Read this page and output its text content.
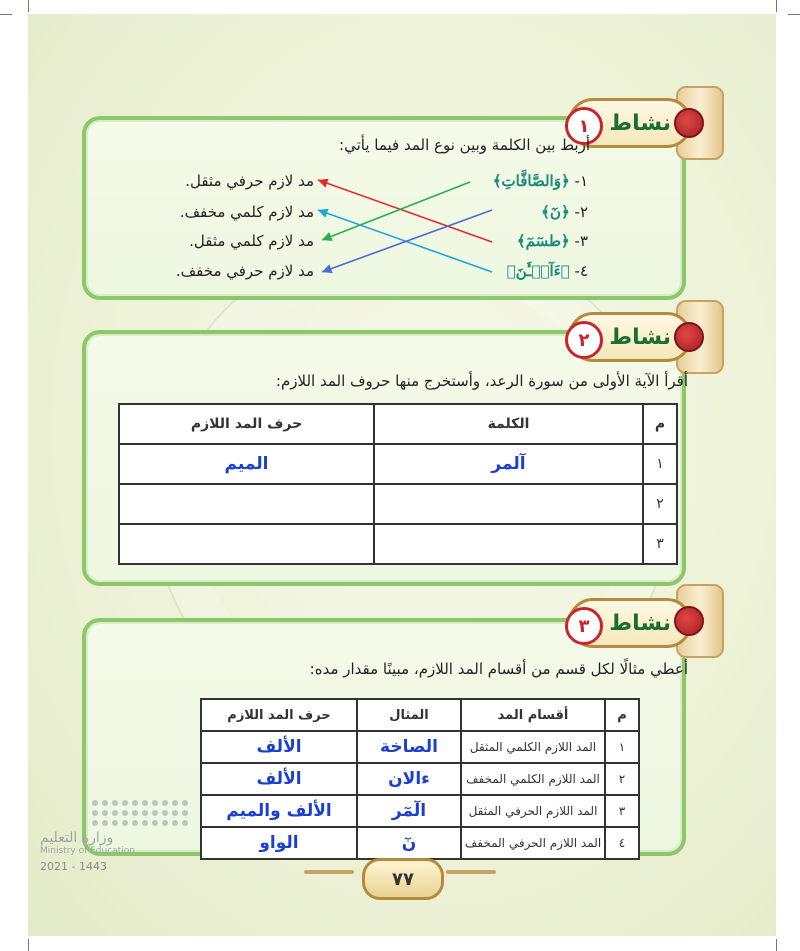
نشاط
١
أربط بين الكلمة وبين نوع المد فيما يأتي:
١- ﴿وَالصَّافَّاتِ﴾
٢- ﴿نٓ﴾
٣- ﴿طسٓمٓ﴾
٤- ﴿ءَآلۡـَٰٔنَ﴾
مد لازم حرفي مثقل.
مد لازم كلمي مخفف.
مد لازم كلمي مثقل.
مد لازم حرفي مخفف.
نشاط
٢
أقرأ الآية الأولى من سورة الرعد، وأستخرج منها حروف المد اللازم:
م	الكلمة	حرف المد اللازم
١	آلمر	الميم
٢		
٣		
نشاط
٣
أعطي مثالًا لكل قسم من أقسام المد اللازم، مبينًا مقدار مده:
م	أقسام المد	المثال	حرف المد اللازم
١	المد اللازم الكلمي المثقل	الصاخة	الألف
٢	المد اللازم الكلمي المخفف	ءالان	الألف
٣	المد اللازم الحرفي المثقل	الٓمٓر	الألف والميم
٤	المد اللازم الحرفي المخفف	نٓ	الواو
وزارة التعليم
Ministry of Education
2021 - 1443
٧٧
